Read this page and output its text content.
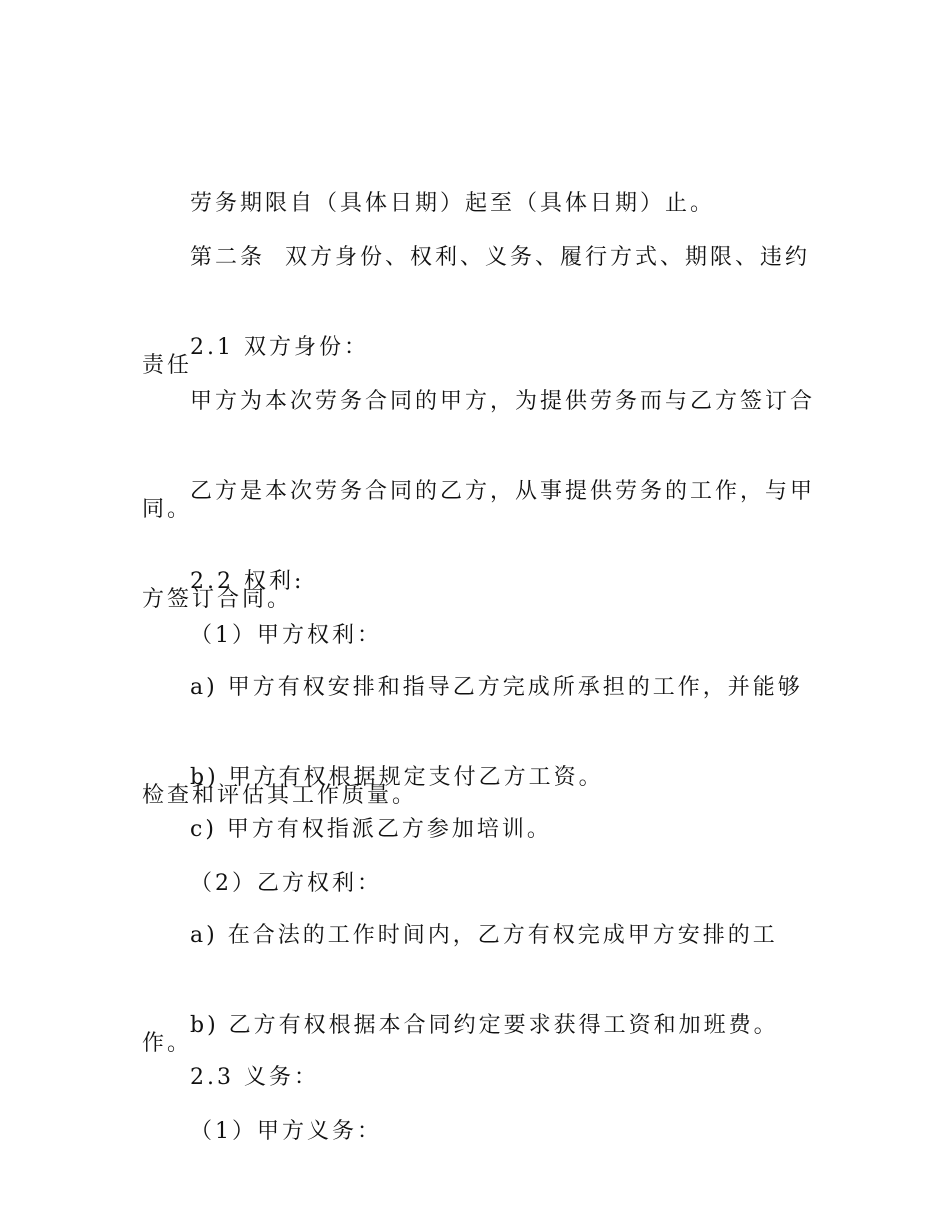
劳务期限自（具体日期）起至（具体日期）止。

第二条  双方身份、权利、义务、履行方式、期限、违约

责任

2.1 双方身份：

甲方为本次劳务合同的甲方，为提供劳务而与乙方签订合

同。

乙方是本次劳务合同的乙方，从事提供劳务的工作，与甲

方签订合同。

2.2 权利:

（1）甲方权利：

a) 甲方有权安排和指导乙方完成所承担的工作，并能够

检查和评估其工作质量。

b) 甲方有权根据规定支付乙方工资。

c) 甲方有权指派乙方参加培训。

（2）乙方权利：

a) 在合法的工作时间内，乙方有权完成甲方安排的工

作。

b) 乙方有权根据本合同约定要求获得工资和加班费。

2.3 义务：

（1）甲方义务：
